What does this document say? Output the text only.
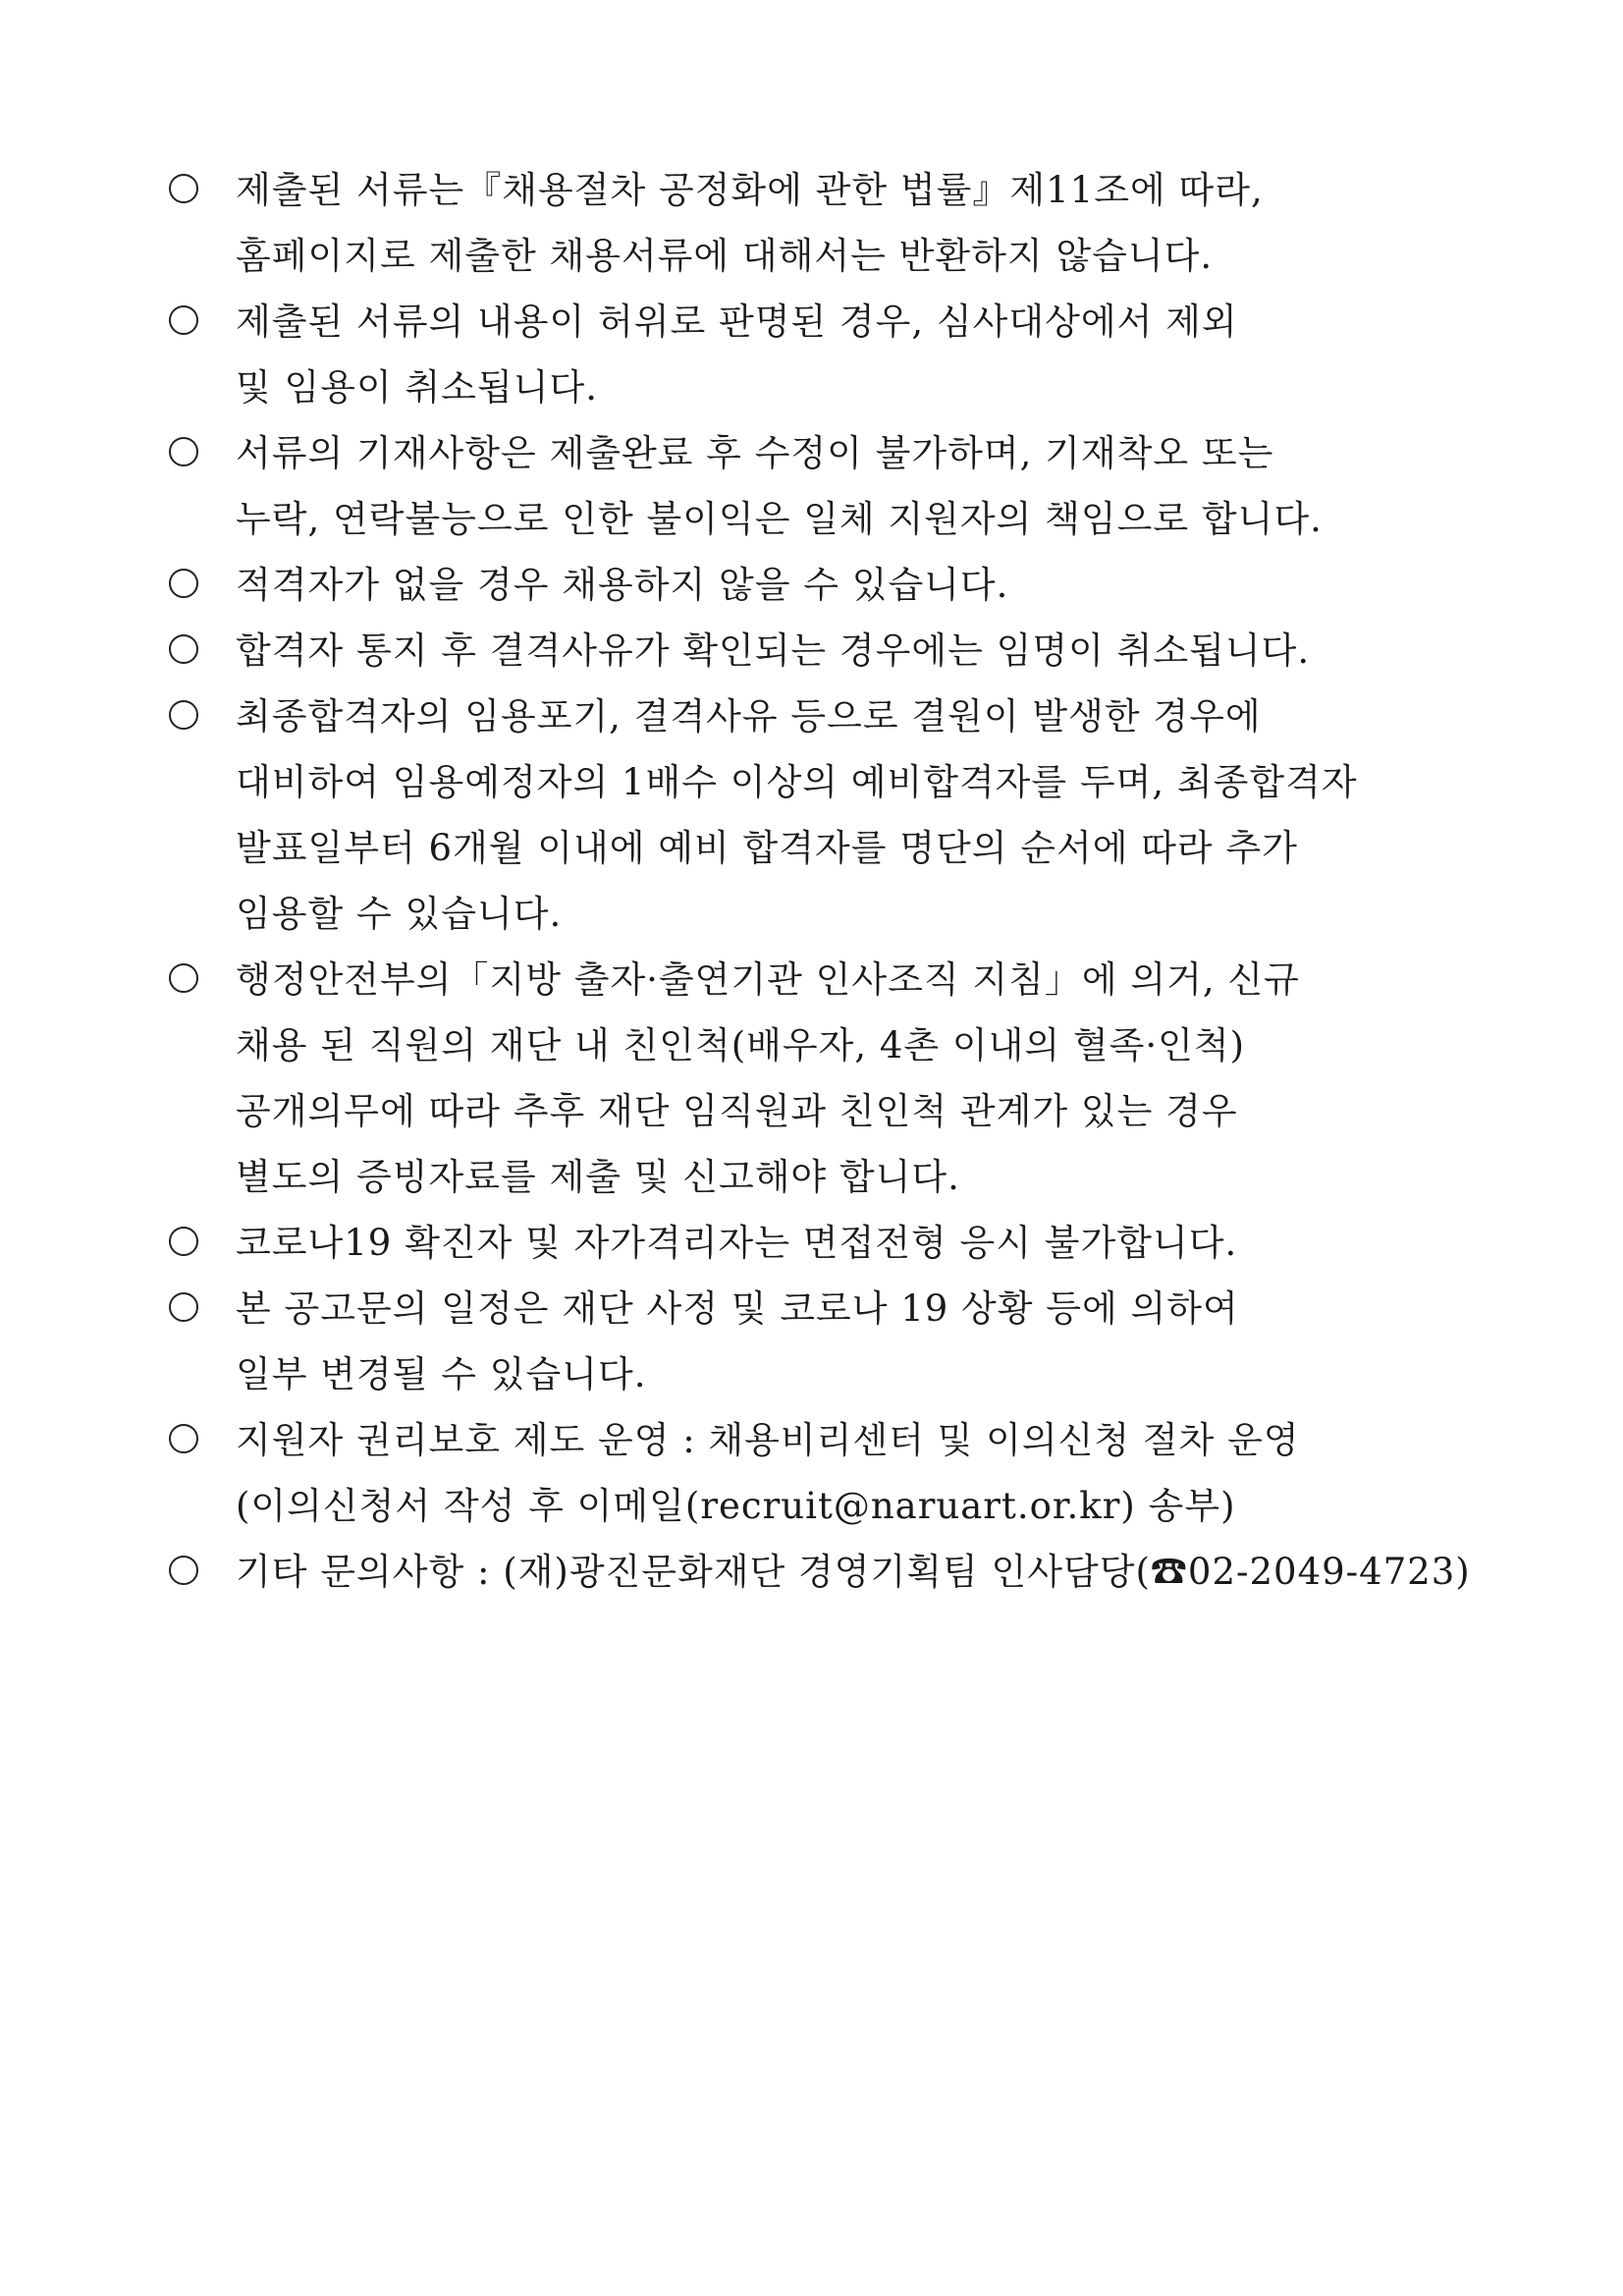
제출된 서류는『채용절차 공정화에 관한 법률』제11조에 따라,
홈페이지로 제출한 채용서류에 대해서는 반환하지 않습니다.
제출된 서류의 내용이 허위로 판명된 경우, 심사대상에서 제외
및 임용이 취소됩니다.
서류의 기재사항은 제출완료 후 수정이 불가하며, 기재착오 또는
누락, 연락불능으로 인한 불이익은 일체 지원자의 책임으로 합니다.
적격자가 없을 경우 채용하지 않을 수 있습니다.
합격자 통지 후 결격사유가 확인되는 경우에는 임명이 취소됩니다.
최종합격자의 임용포기, 결격사유 등으로 결원이 발생한 경우에
대비하여 임용예정자의 1배수 이상의 예비합격자를 두며, 최종합격자
발표일부터 6개월 이내에 예비 합격자를 명단의 순서에 따라 추가
임용할 수 있습니다.
행정안전부의「지방 출자·출연기관 인사조직 지침」에 의거, 신규
채용 된 직원의 재단 내 친인척(배우자, 4촌 이내의 혈족·인척)
공개의무에 따라 추후 재단 임직원과 친인척 관계가 있는 경우
별도의 증빙자료를 제출 및 신고해야 합니다.
코로나19 확진자 및 자가격리자는 면접전형 응시 불가합니다.
본 공고문의 일정은 재단 사정 및 코로나 19 상황 등에 의하여
일부 변경될 수 있습니다.
지원자 권리보호 제도 운영 : 채용비리센터 및 이의신청 절차 운영
(이의신청서 작성 후 이메일(recruit@naruart.or.kr) 송부)
기타 문의사항 : (재)광진문화재단 경영기획팀 인사담당(☎02-2049-4723)
